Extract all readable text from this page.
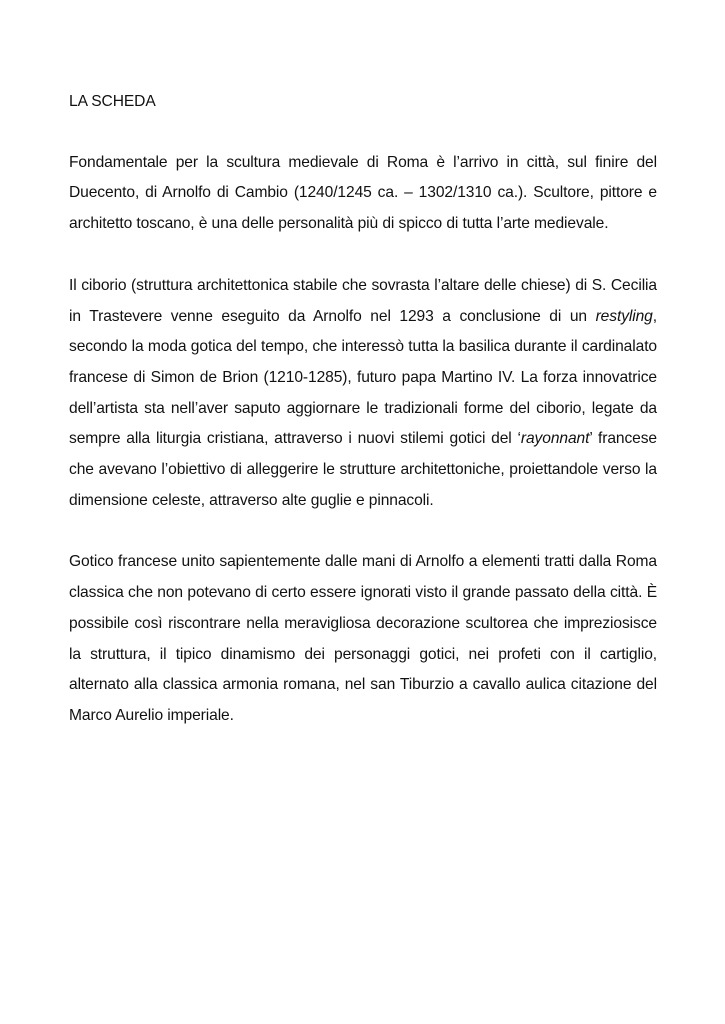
LA SCHEDA

Fondamentale per la scultura medievale di Roma è l’arrivo in città, sul finire del Duecento, di Arnolfo di Cambio (1240/1245 ca. – 1302/1310 ca.). Scultore, pittore e architetto toscano, è una delle personalità più di spicco di tutta l’arte medievale.

Il ciborio (struttura architettonica stabile che sovrasta l’altare delle chiese) di S. Cecilia in Trastevere venne eseguito da Arnolfo nel 1293 a conclusione di un restyling, secondo la moda gotica del tempo, che interessò tutta la basilica durante il cardinalato francese di Simon de Brion (1210-1285), futuro papa Martino IV. La forza innovatrice dell’artista sta nell’aver saputo aggiornare le tradizionali forme del ciborio, legate da sempre alla liturgia cristiana, attraverso i nuovi stilemi gotici del ‘rayonnant’ francese che avevano l’obiettivo di alleggerire le strutture architettoniche, proiettandole verso la dimensione celeste, attraverso alte guglie e pinnacoli.

Gotico francese unito sapientemente dalle mani di Arnolfo a elementi tratti dalla Roma classica che non potevano di certo essere ignorati visto il grande passato della città. È possibile così riscontrare nella meravigliosa decorazione scultorea che impreziosisce la struttura, il tipico dinamismo dei personaggi gotici, nei profeti con il cartiglio, alternato alla classica armonia romana, nel san Tiburzio a cavallo aulica citazione del Marco Aurelio imperiale.
